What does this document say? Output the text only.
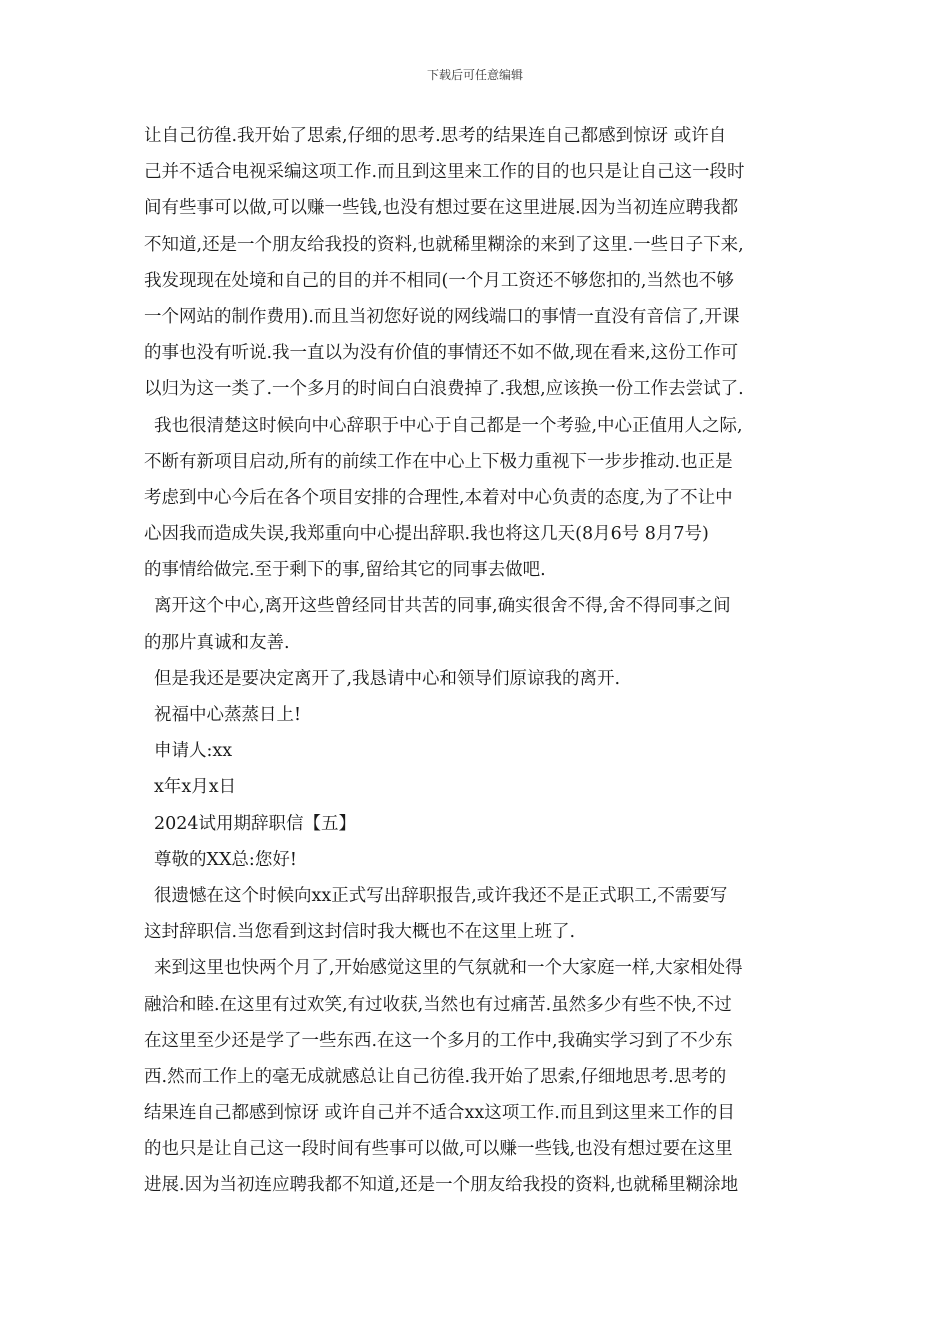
下载后可任意编辑
让自己彷徨.我开始了思索,仔细的思考.思考的结果连自己都感到惊讶 或许自
己并不适合电视采编这项工作.而且到这里来工作的目的也只是让自己这一段时
间有些事可以做,可以赚一些钱,也没有想过要在这里进展.因为当初连应聘我都
不知道,还是一个朋友给我投的资料,也就稀里糊涂的来到了这里.一些日子下来,
我发现现在处境和自己的目的并不相同(一个月工资还不够您扣的,当然也不够
一个网站的制作费用).而且当初您好说的网线端口的事情一直没有音信了,开课
的事也没有听说.我一直以为没有价值的事情还不如不做,现在看来,这份工作可
以归为这一类了.一个多月的时间白白浪费掉了.我想,应该换一份工作去尝试了.
我也很清楚这时候向中心辞职于中心于自己都是一个考验,中心正值用人之际,
不断有新项目启动,所有的前续工作在中心上下极力重视下一步步推动.也正是
考虑到中心今后在各个项目安排的合理性,本着对中心负责的态度,为了不让中
心因我而造成失误,我郑重向中心提出辞职.我也将这几天(8月6号 8月7号)
的事情给做完.至于剩下的事,留给其它的同事去做吧.
离开这个中心,离开这些曾经同甘共苦的同事,确实很舍不得,舍不得同事之间
的那片真诚和友善.
但是我还是要决定离开了,我恳请中心和领导们原谅我的离开.
祝福中心蒸蒸日上!
申请人:xx
x年x月x日
2024试用期辞职信【五】
尊敬的XX总:您好!
很遗憾在这个时候向xx正式写出辞职报告,或许我还不是正式职工,不需要写
这封辞职信.当您看到这封信时我大概也不在这里上班了.
来到这里也快两个月了,开始感觉这里的气氛就和一个大家庭一样,大家相处得
融洽和睦.在这里有过欢笑,有过收获,当然也有过痛苦.虽然多少有些不快,不过
在这里至少还是学了一些东西.在这一个多月的工作中,我确实学习到了不少东
西.然而工作上的毫无成就感总让自己彷徨.我开始了思索,仔细地思考.思考的
结果连自己都感到惊讶 或许自己并不适合xx这项工作.而且到这里来工作的目
的也只是让自己这一段时间有些事可以做,可以赚一些钱,也没有想过要在这里
进展.因为当初连应聘我都不知道,还是一个朋友给我投的资料,也就稀里糊涂地
